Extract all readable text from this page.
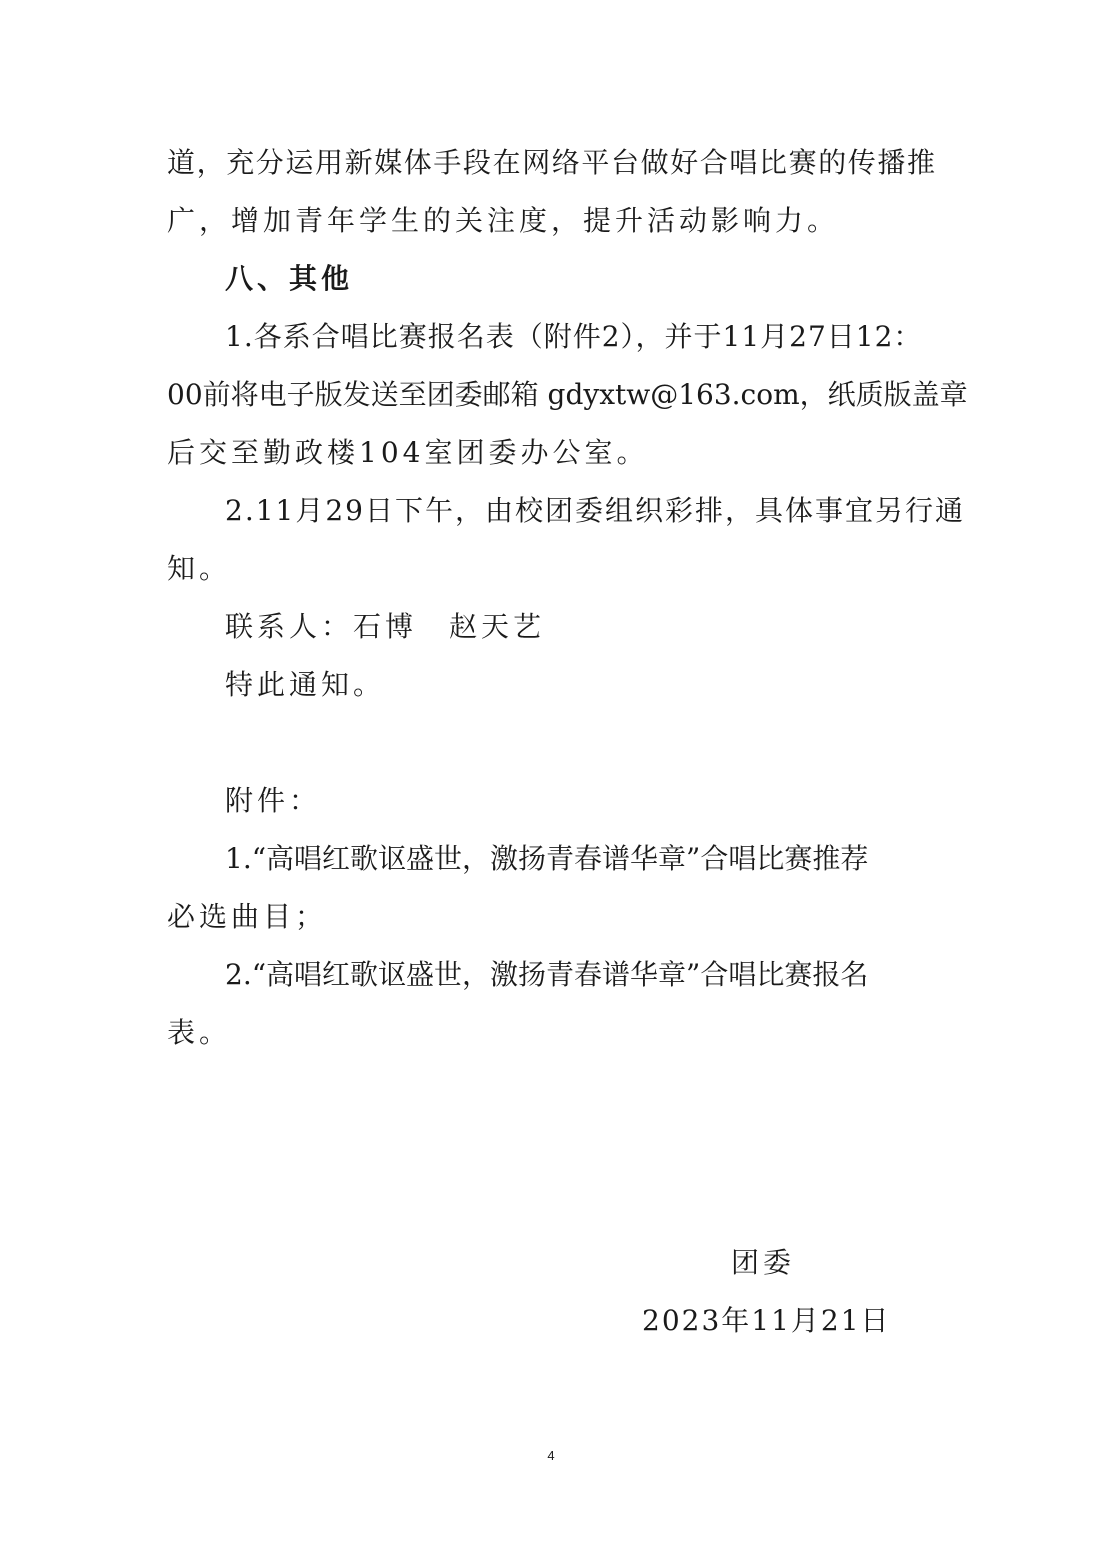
道，充分运用新媒体手段在网络平台做好合唱比赛的传播推
广，增加青年学生的关注度，提升活动影响力。
八、其他
1.各系合唱比赛报名表（附件2），并于11月27日12：
00前将电子版发送至团委邮箱 gdyxtw@163.com，纸质版盖章
后交至勤政楼104室团委办公室。
2.11月29日下午，由校团委组织彩排，具体事宜另行通
知。
联系人：石博　赵天艺
特此通知。
附件：
1.“高唱红歌讴盛世，激扬青春谱华章”合唱比赛推荐
必选曲目；
2.“高唱红歌讴盛世，激扬青春谱华章”合唱比赛报名
表。
团委
2023年11月21日
4
